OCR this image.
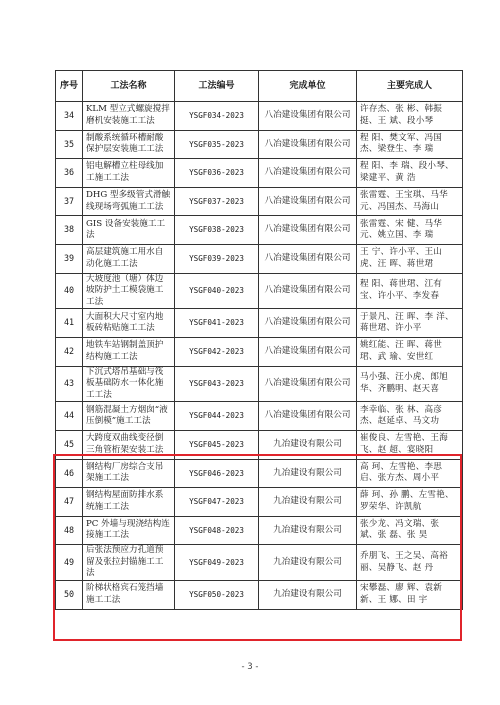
序号	工法名称	工法编号	完成单位	主要完成人
34	KLM 型立式螺旋搅拌磨机安装施工工法	YSGF034-2023	八冶建设集团有限公司	许存杰、张 彬、韩振挺、王 斌、段小琴
35	制酸系统循环槽耐酸保护层安装施工工法	YSGF035-2023	八冶建设集团有限公司	程 阳、樊文军、冯国杰、梁登生、李 瑞
36	铝电解槽立柱母线加工施工工法	YSGF036-2023	八冶建设集团有限公司	程 阳、李 瑞、段小琴、梁建平、黄 浩
37	DHG 型多级管式滑触线现场弯弧施工工法	YSGF037-2023	八冶建设集团有限公司	张雷霆、王宝琪、马华元、冯国杰、马海山
38	GIS 设备安装施工工法	YSGF038-2023	八冶建设集团有限公司	张雷霆、宋 健、马华元、姚立国、李 瑞
39	高层建筑施工用水自动化施工工法	YSGF039-2023	八冶建设集团有限公司	王 宁、许小平、王山虎、汪 晖、蒋世珺
40	大坡度池（塘）体边坡防护土工模袋施工工法	YSGF040-2023	八冶建设集团有限公司	程 阳、蒋世珺、江有宝、许小平、李发春
41	大面积大尺寸室内地板砖粘贴施工工法	YSGF041-2023	八冶建设集团有限公司	于景凡、汪 晖、李 洋、蒋世珺、许小平
42	地铁车站钢制盖顶护结构施工工法	YSGF042-2023	八冶建设集团有限公司	姚红能、汪 晖、蒋世珺、武 瑜、安世红
43	下沉式塔吊基础与筏板基础防水一体化施工工法	YSGF043-2023	八冶建设集团有限公司	马小强、汪小虎、郎旭华、齐鹏明、赵天喜
44	钢筋混凝土方烟囱“液压倒模”施工工法	YSGF044-2023	八冶建设集团有限公司	李幸临、张 林、高彦杰、赵延卓、马文功
45	大跨度双曲线变径倒三角管桁架安装工法	YSGF045-2023	九冶建设有限公司	崔俊良、左雪艳、王海飞、赵 超、宴晓阳
46	钢结构厂房综合支吊架施工工法	YSGF046-2023	九冶建设有限公司	高 珂、左雪艳、李思启、张方杰、周小平
47	钢结构屋面防排水系统施工工法	YSGF047-2023	九冶建设有限公司	薛 珂、孙 鹏、左雪艳、罗荣华、许凯航
48	PC 外墙与现浇结构连接施工工法	YSGF048-2023	九冶建设有限公司	张少龙、冯文瑞、张 斌、张 磊、张 昊
49	后张法预应力孔道预留及张拉封锚施工工法	YSGF049-2023	九冶建设有限公司	乔朋飞、王之吴、高裕丽、吴静飞、赵 丹
50	阶梯状格宾石笼挡墙施工工法	YSGF050-2023	九冶建设有限公司	宋攀磊、廖 辉、袁新新、王 娜、田 宇
- 3 -
